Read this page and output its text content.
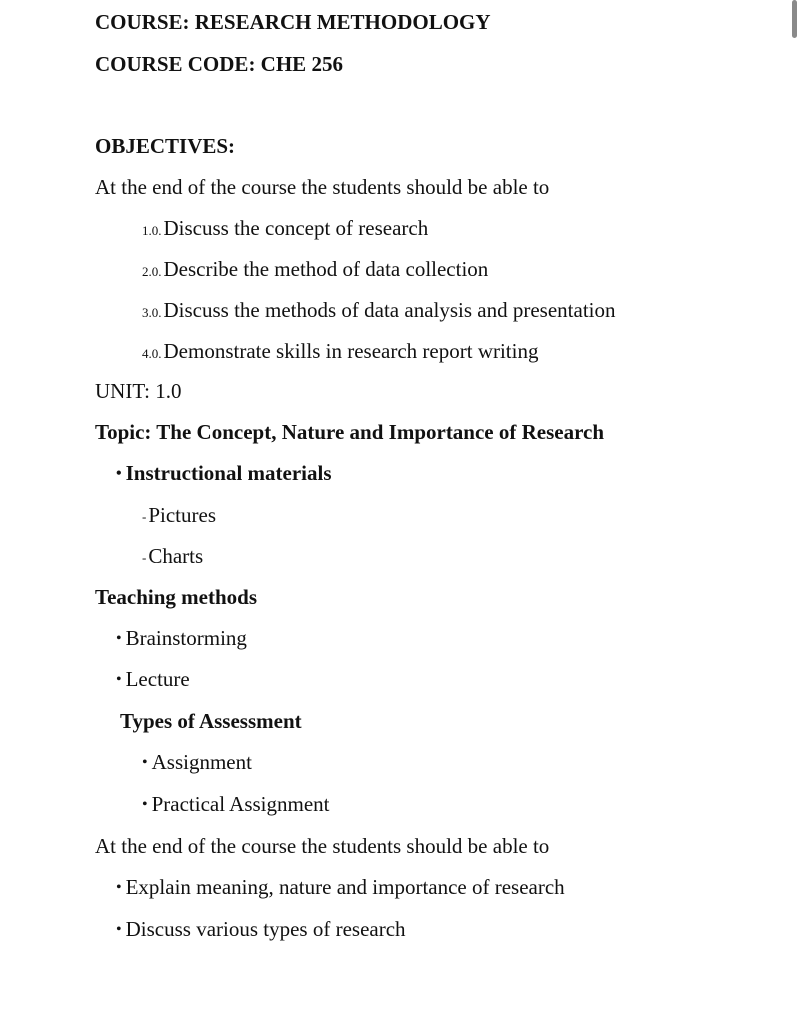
COURSE: RESEARCH METHODOLOGY
COURSE CODE: CHE 256
OBJECTIVES:
At the end of the course the students should be able to
1.0.Discuss the concept of research
2.0.Describe the method of data collection
3.0.Discuss the methods of data analysis and presentation
4.0.Demonstrate skills in research report writing
UNIT: 1.0
Topic: The Concept, Nature and Importance of Research
• Instructional materials
-Pictures
-Charts
Teaching methods
• Brainstorming
• Lecture
Types of Assessment
• Assignment
• Practical Assignment
At the end of the course the students should be able to
• Explain meaning, nature and importance of research
• Discuss various types of research
